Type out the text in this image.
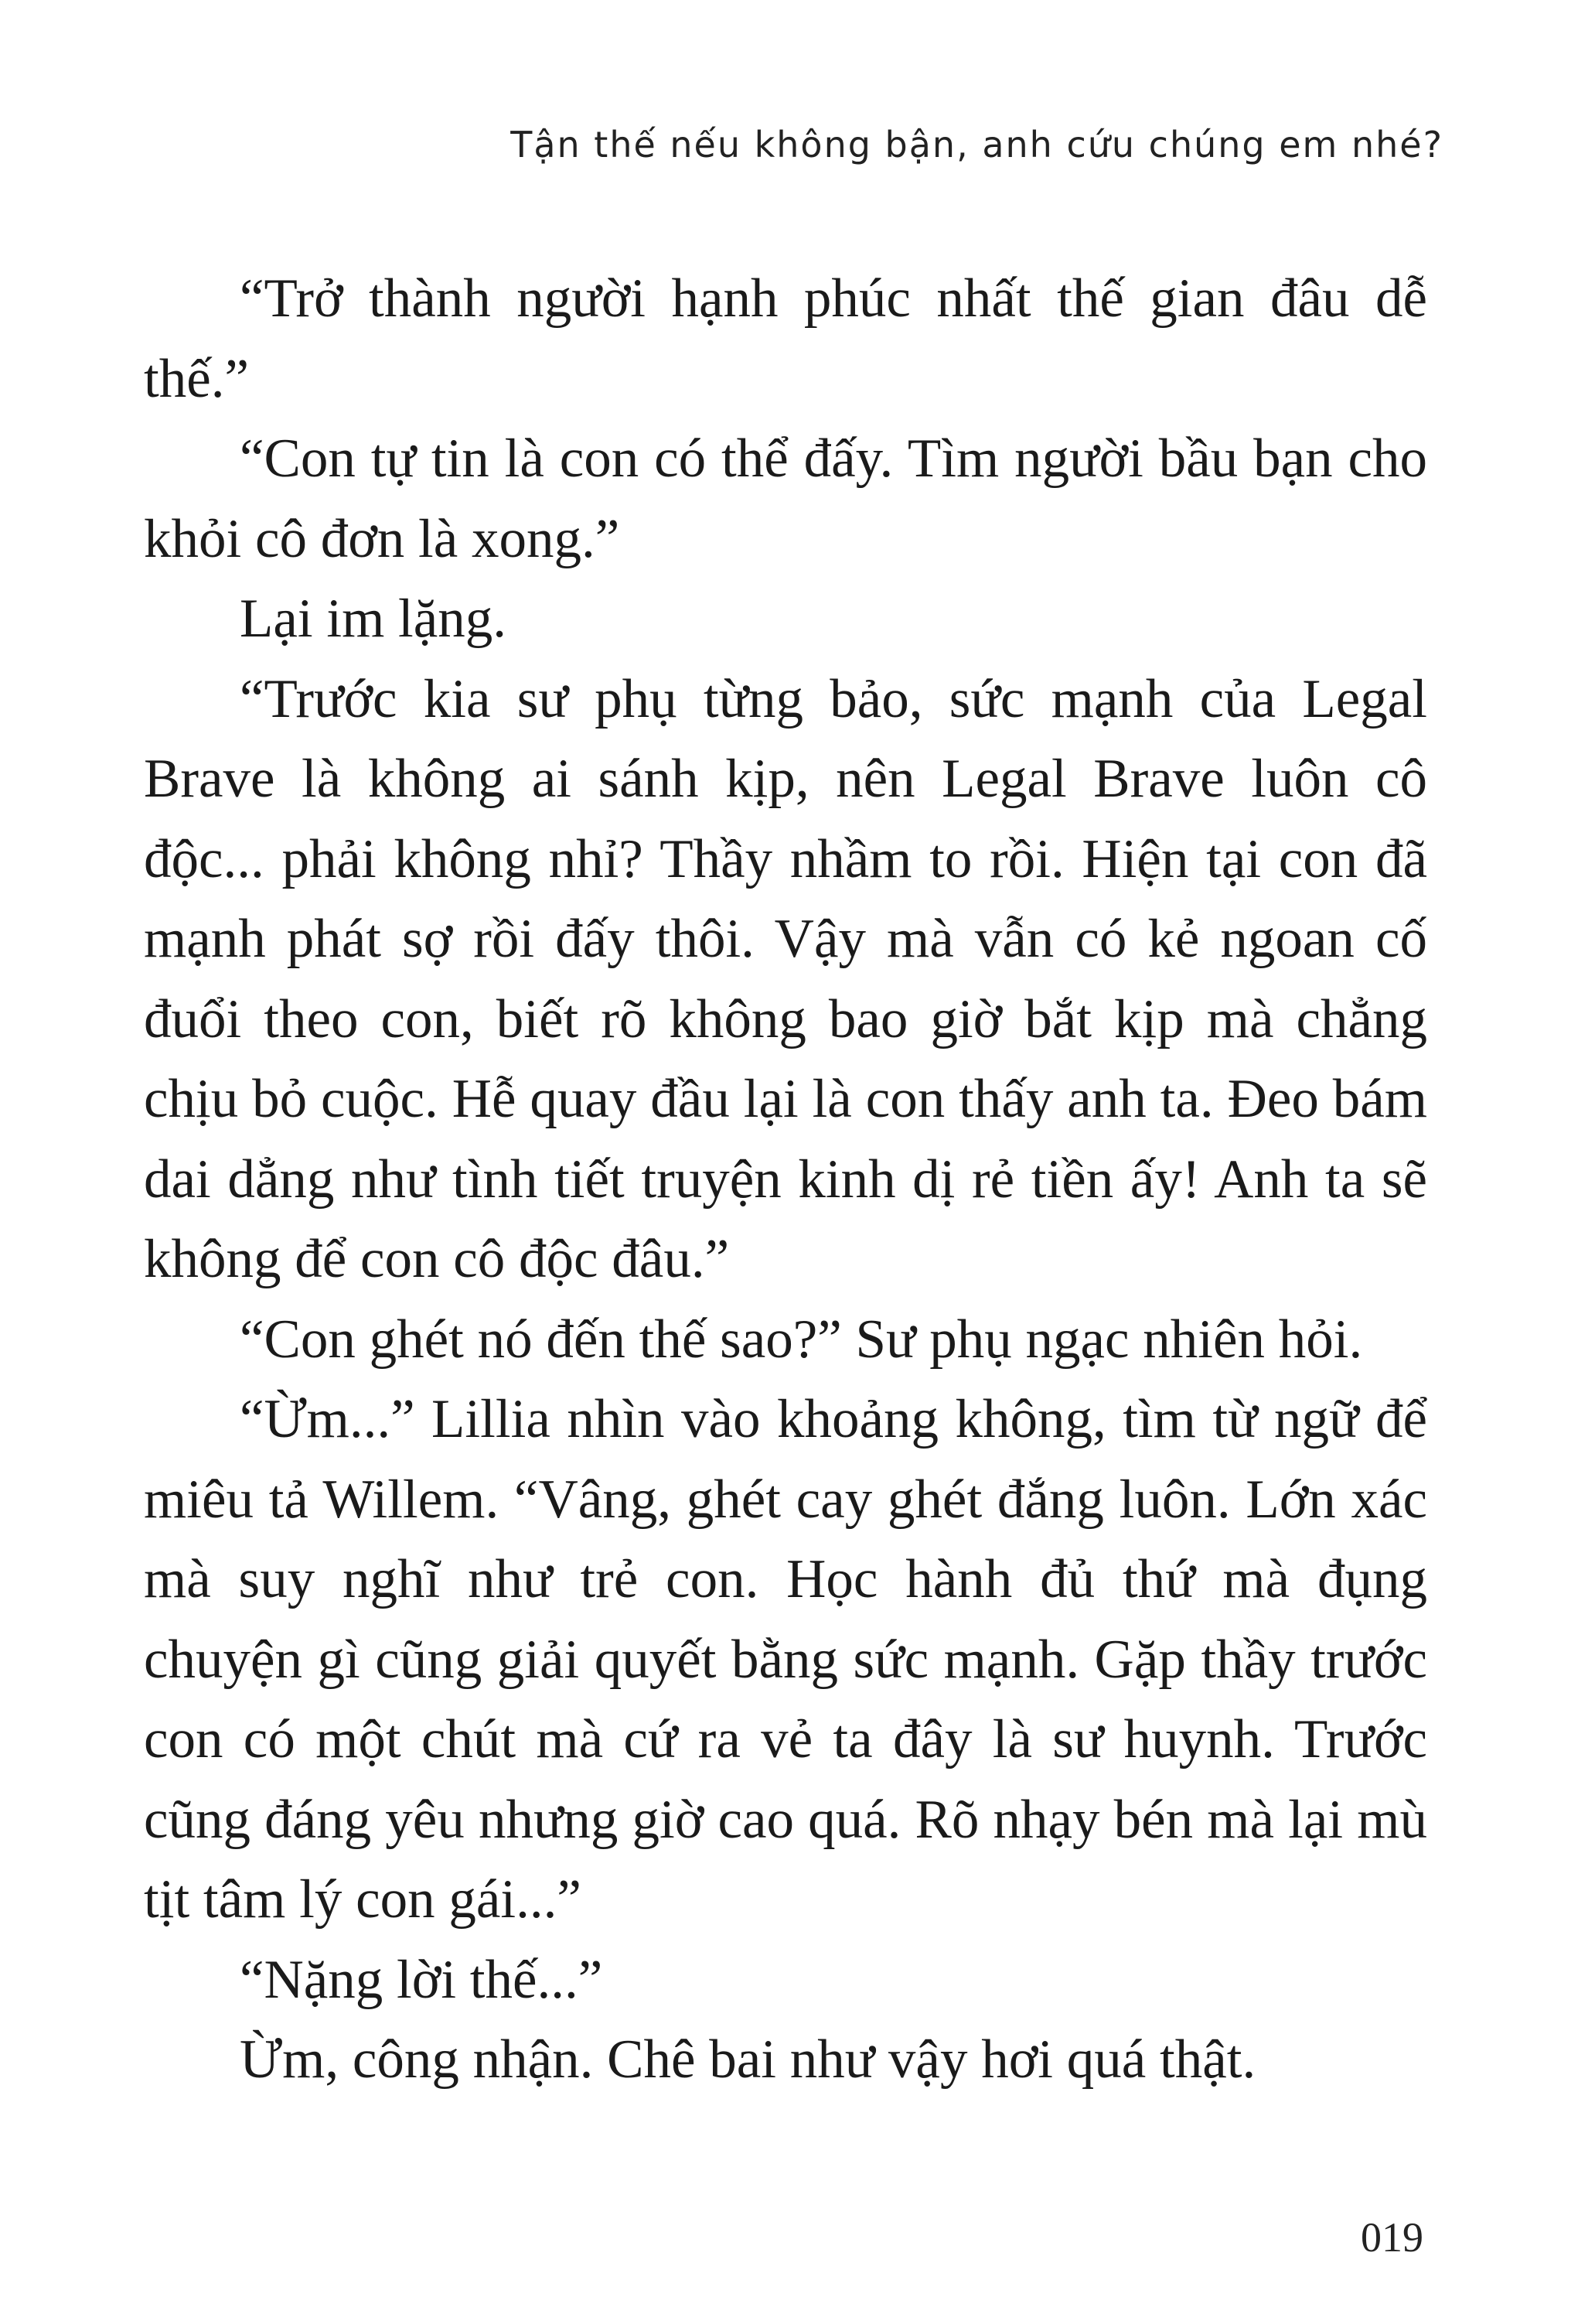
Tận thế nếu không bận, anh cứu chúng em nhé?

“Trở thành người hạnh phúc nhất thế gian đâu dễ thế.”

“Con tự tin là con có thể đấy. Tìm người bầu bạn cho khỏi cô đơn là xong.”

Lại im lặng.

“Trước kia sư phụ từng bảo, sức mạnh của Legal Brave là không ai sánh kịp, nên Legal Brave luôn cô độc... phải không nhỉ? Thầy nhầm to rồi. Hiện tại con đã mạnh phát sợ rồi đấy thôi. Vậy mà vẫn có kẻ ngoan cố đuổi theo con, biết rõ không bao giờ bắt kịp mà chẳng chịu bỏ cuộc. Hễ quay đầu lại là con thấy anh ta. Đeo bám dai dẳng như tình tiết truyện kinh dị rẻ tiền ấy! Anh ta sẽ không để con cô độc đâu.”

“Con ghét nó đến thế sao?” Sư phụ ngạc nhiên hỏi.

“Ừm...” Lillia nhìn vào khoảng không, tìm từ ngữ để miêu tả Willem. “Vâng, ghét cay ghét đắng luôn. Lớn xác mà suy nghĩ như trẻ con. Học hành đủ thứ mà đụng chuyện gì cũng giải quyết bằng sức mạnh. Gặp thầy trước con có một chút mà cứ ra vẻ ta đây là sư huynh. Trước cũng đáng yêu nhưng giờ cao quá. Rõ nhạy bén mà lại mù tịt tâm lý con gái...”

“Nặng lời thế...”

Ừm, công nhận. Chê bai như vậy hơi quá thật.

019
